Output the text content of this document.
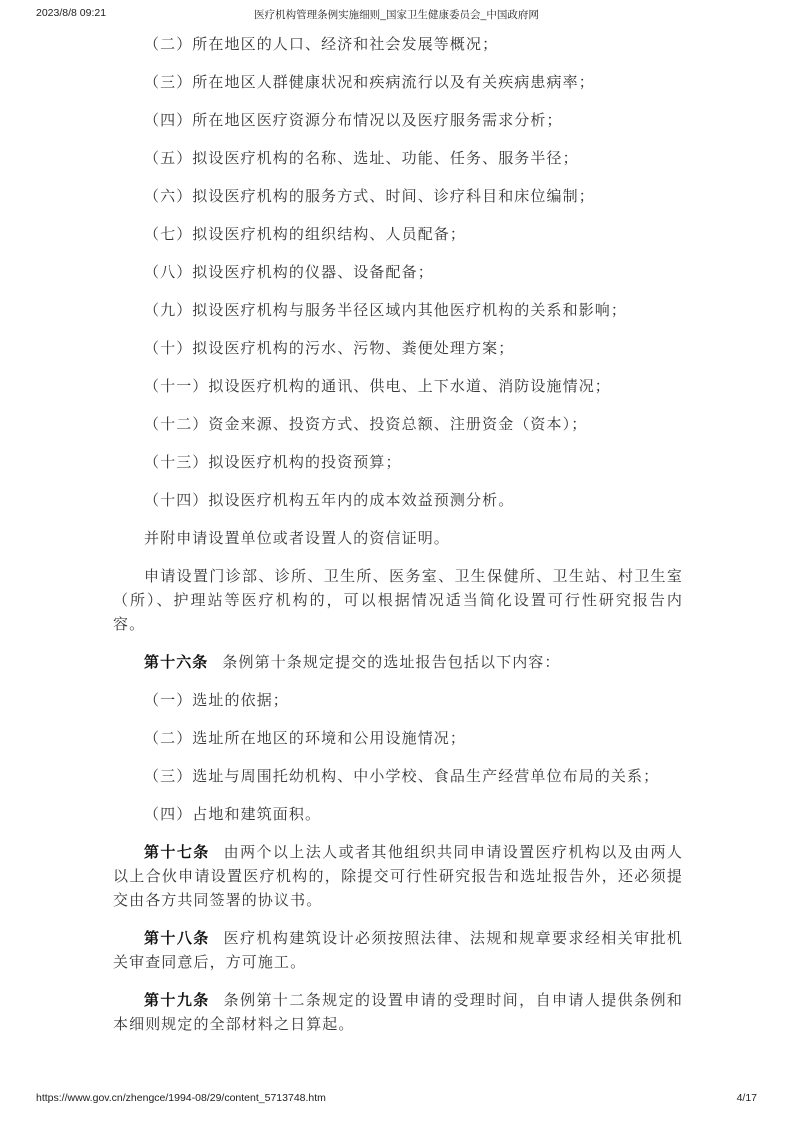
2023/8/8 09:21	医疗机构管理条例实施细则_国家卫生健康委员会_中国政府网
（二）所在地区的人口、经济和社会发展等概况；
（三）所在地区人群健康状况和疾病流行以及有关疾病患病率；
（四）所在地区医疗资源分布情况以及医疗服务需求分析；
（五）拟设医疗机构的名称、选址、功能、任务、服务半径；
（六）拟设医疗机构的服务方式、时间、诊疗科目和床位编制；
（七）拟设医疗机构的组织结构、人员配备；
（八）拟设医疗机构的仪器、设备配备；
（九）拟设医疗机构与服务半径区域内其他医疗机构的关系和影响；
（十）拟设医疗机构的污水、污物、粪便处理方案；
（十一）拟设医疗机构的通讯、供电、上下水道、消防设施情况；
（十二）资金来源、投资方式、投资总额、注册资金（资本）；
（十三）拟设医疗机构的投资预算；
（十四）拟设医疗机构五年内的成本效益预测分析。

并附申请设置单位或者设置人的资信证明。

申请设置门诊部、诊所、卫生所、医务室、卫生保健所、卫生站、村卫生室（所）、护理站等医疗机构的，可以根据情况适当简化设置可行性研究报告内容。

第十六条 条例第十条规定提交的选址报告包括以下内容：

（一）选址的依据；
（二）选址所在地区的环境和公用设施情况；
（三）选址与周围托幼机构、中小学校、食品生产经营单位布局的关系；
（四）占地和建筑面积。

第十七条 由两个以上法人或者其他组织共同申请设置医疗机构以及由两人以上合伙申请设置医疗机构的，除提交可行性研究报告和选址报告外，还必须提交由各方共同签署的协议书。

第十八条 医疗机构建筑设计必须按照法律、法规和规章要求经相关审批机关审查同意后，方可施工。

第十九条 条例第十二条规定的设置申请的受理时间，自申请人提供条例和本细则规定的全部材料之日算起。

https://www.gov.cn/zhengce/1994-08/29/content_5713748.htm	4/17
